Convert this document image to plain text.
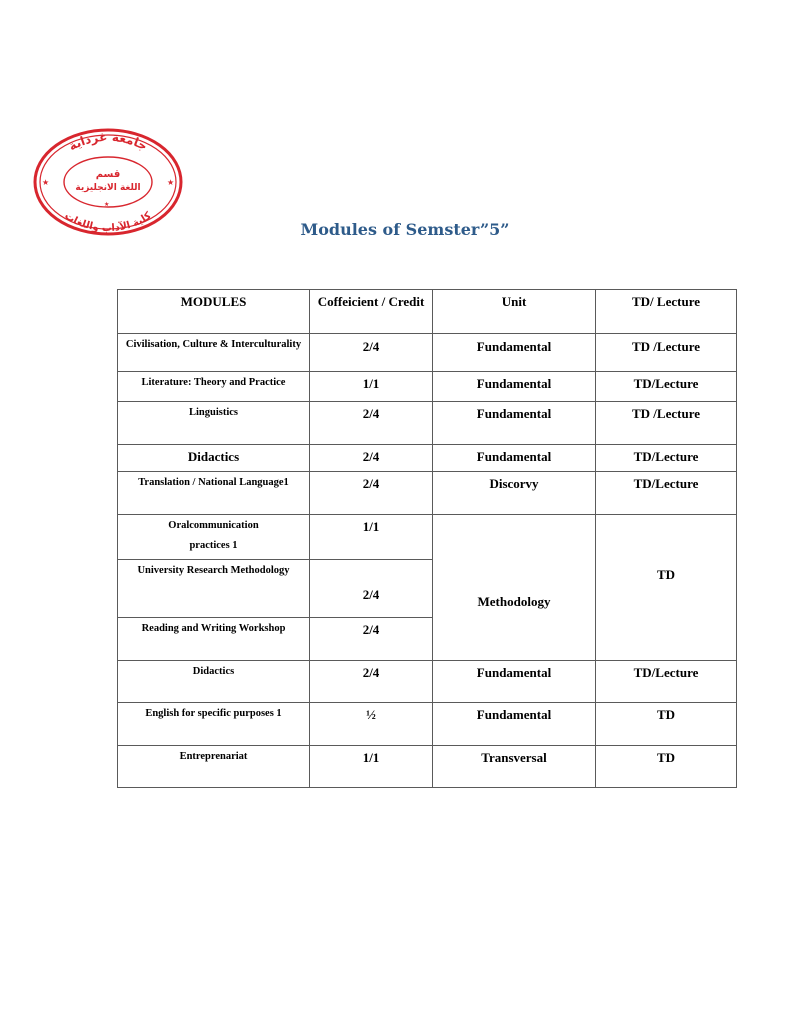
جامعة غرداية
كلية الآداب واللغات
قسم
اللغة الانجليزية
★	★
★
Modules of Semster”5”
MODULES	Coffeicient / Credit	Unit	TD/ Lecture
Civilisation, Culture & Interculturality	2/4	Fundamental	TD /Lecture
Literature: Theory and Practice	1/1	Fundamental	TD/Lecture
Linguistics	2/4	Fundamental	TD /Lecture
Didactics	2/4	Fundamental	TD/Lecture
Translation / National Language1	2/4	Discorvy	TD/Lecture

Oralcommunication
practices 1	1/1	Methodology	TD
University Research Methodology	2/4		
Reading and Writing Workshop	2/4		
Didactics	2/4	Fundamental	TD/Lecture
English for specific purposes 1	½	Fundamental	TD
Entreprenariat	1/1	Transversal	TD
